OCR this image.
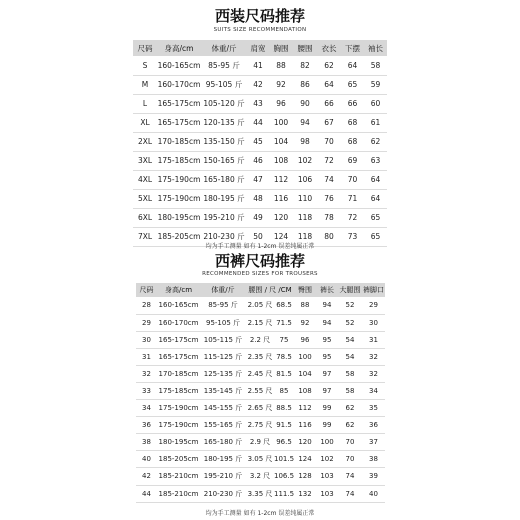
西装尺码推荐
SUITS SIZE RECOMMENDATION
尺码	身高/cm	体重/斤	肩宽	胸围	腰围	衣长	下摆	袖长
S	160-165cm	85-95 斤	41	88	82	62	64	58
M	160-170cm	95-105 斤	42	92	86	64	65	59
L	165-175cm	105-120 斤	43	96	90	66	66	60
XL	165-175cm	120-135 斤	44	100	94	67	68	61
2XL	170-185cm	135-150 斤	45	104	98	70	68	62
3XL	175-185cm	150-165 斤	46	108	102	72	69	63
4XL	175-190cm	165-180 斤	47	112	106	74	70	64
5XL	175-190cm	180-195 斤	48	116	110	76	71	64
6XL	180-195cm	195-210 斤	49	120	118	78	72	65
7XL	185-205cm	210-230 斤	50	124	118	80	73	65
均为手工测量 如有 1-2cm 误差纯属正常
西裤尺码推荐
RECOMMENDED SIZES FOR TROUSERS
尺码	身高/cm	体重/斤	腰围 / 尺 /CM		臀围	裤长	大腿围	裤脚口
28	160-165cm	85-95 斤	2.05 尺	68.5	88	94	52	29
29	160-170cm	95-105 斤	2.15 尺	71.5	92	94	52	30
30	165-175cm	105-115 斤	2.2 尺	75	96	95	54	31
31	165-175cm	115-125 斤	2.35 尺	78.5	100	95	54	32
32	170-185cm	125-135 斤	2.45 尺	81.5	104	97	58	32
33	175-185cm	135-145 斤	2.55 尺	85	108	97	58	34
34	175-190cm	145-155 斤	2.65 尺	88.5	112	99	62	35
36	175-190cm	155-165 斤	2.75 尺	91.5	116	99	62	36
38	180-195cm	165-180 斤	2.9 尺	96.5	120	100	70	37
40	185-205cm	180-195 斤	3.05 尺	101.5	124	102	70	38
42	185-210cm	195-210 斤	3.2 尺	106.5	128	103	74	39
44	185-210cm	210-230 斤	3.35 尺	111.5	132	103	74	40
均为手工测量 如有 1-2cm 误差纯属正常
